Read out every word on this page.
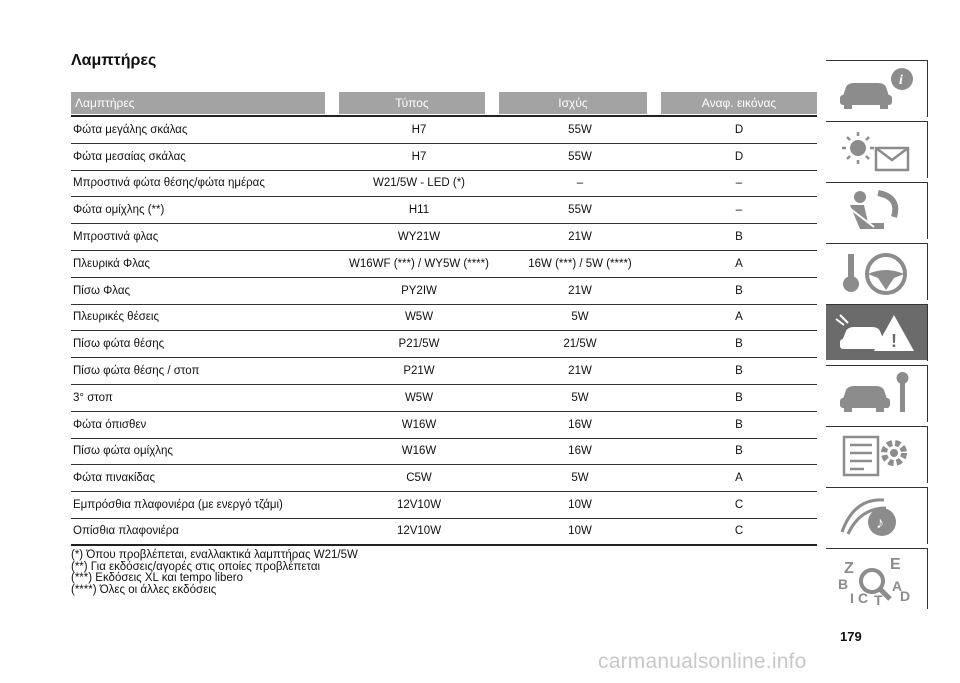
Λαμπτήρες
Λαμπτήρες	Τύπος	Ισχύς	Αναφ. εικόνας
Φώτα μεγάλης σκάλας	H7	55W	D
Φώτα μεσαίας σκάλας	H7	55W	D
Μπροστινά φώτα θέσης/φώτα ημέρας	W21/5W - LED (*)	–	–
Φώτα ομίχλης (**)	H11	55W	–
Μπροστινά φλας	WY21W	21W	B
Πλευρικά Φλας	W16WF (***) / WY5W (****)	16W (***) / 5W (****)	A
Πίσω Φλας	PY2IW	21W	B
Πλευρικές θέσεις	W5W	5W	A
Πίσω φώτα θέσης	P21/5W	21/5W	B
Πίσω φώτα θέσης / στοπ	P21W	21W	B
3° στοπ	W5W	5W	B
Φώτα όπισθεν	W16W	16W	B
Πίσω φώτα ομίχλης	W16W	16W	B
Φώτα πινακίδας	C5W	5W	A
Εμπρόσθια πλαφονιέρα (με ενεργό τζάμι)	12V10W	10W	C
Οπίσθια πλαφονιέρα	12V10W	10W	C
(*) Όπου προβλέπεται, εναλλακτικά λαμπτήρας W21/5W
(**) Για εκδόσεις/αγορές στις οποίες προβλέπεται
(***) Εκδόσεις XL και tempo libero
(****) Όλες οι άλλες εκδόσεις
i
!
♪
Z E
B	A
D
I C T
179
carmanualsonline.info
